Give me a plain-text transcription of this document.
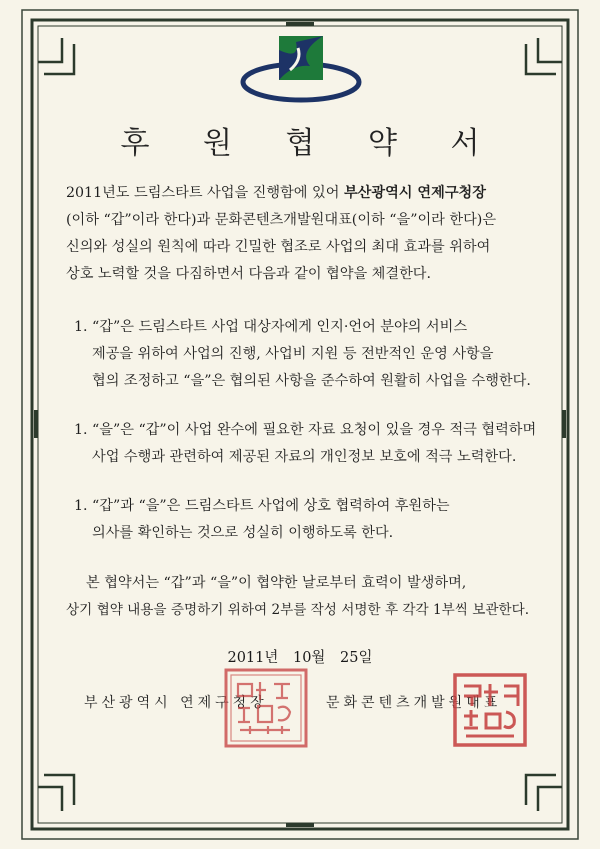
후 원 협 약 서
2011년도 드림스타트 사업을 진행함에 있어 부산광역시 연제구청장
(이하 “갑”이라 한다)과 문화콘텐츠개발원대표(이하 “을”이라 한다)은
신의와 성실의 원칙에 따라 긴밀한 협조로 사업의 최대 효과를 위하여
상호 노력할 것을 다짐하면서 다음과 같이 협약을 체결한다.
1. “갑”은 드림스타트 사업 대상자에게 인지·언어 분야의 서비스
제공을 위하여 사업의 진행, 사업비 지원 등 전반적인 운영 사항을
협의 조정하고 “을”은 협의된 사항을 준수하여 원활히 사업을 수행한다.
1. “을”은 “갑”이 사업 완수에 필요한 자료 요청이 있을 경우 적극 협력하며
사업 수행과 관련하여 제공된 자료의 개인정보 보호에 적극 노력한다.
1. “갑”과 “을”은 드림스타트 사업에 상호 협력하여 후원하는
의사를 확인하는 것으로 성실히 이행하도록 한다.
본 협약서는 “갑”과 “을”이 협약한 날로부터 효력이 발생하며,
상기 협약 내용을 증명하기 위하여 2부를 작성 서명한 후 각각 1부씩 보관한다.
2011년 10월 25일
부산광역시 연제구청장	문화콘텐츠개발원대표
